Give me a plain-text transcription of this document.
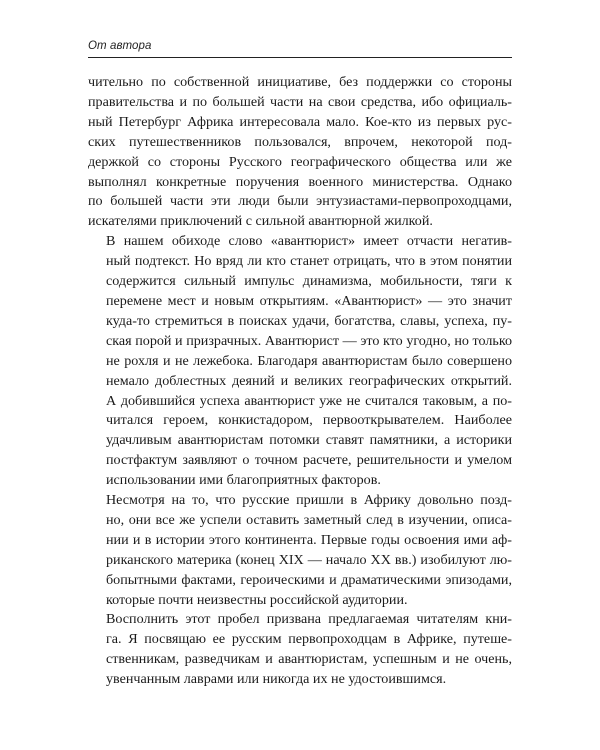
От автора

чительно по собственной инициативе, без поддержки со стороны
правительства и по большей части на свои средства, ибо официаль-
ный Петербург Африка интересовала мало. Кое-кто из первых рус-
ских путешественников пользовался, впрочем, некоторой под-
держкой со стороны Русского географического общества или же
выполнял конкретные поручения военного министерства. Однако
по большей части эти люди были энтузиастами-первопроходцами,
искателями приключений с сильной авантюрной жилкой.

В нашем обиходе слово «авантюрист» имеет отчасти негатив-
ный подтекст. Но вряд ли кто станет отрицать, что в этом понятии
содержится сильный импульс динамизма, мобильности, тяги к
перемене мест и новым открытиям. «Авантюрист» — это значит
куда-то стремиться в поисках удачи, богатства, славы, успеха, пу-
ская порой и призрачных. Авантюрист — это кто угодно, но только
не рохля и не лежебока. Благодаря авантюристам было совершено
немало доблестных деяний и великих географических открытий.
А добившийся успеха авантюрист уже не считался таковым, а по-
читался героем, конкистадором, первооткрывателем. Наиболее
удачливым авантюристам потомки ставят памятники, а историки
постфактум заявляют о точном расчете, решительности и умелом
использовании ими благоприятных факторов.

Несмотря на то, что русские пришли в Африку довольно позд-
но, они все же успели оставить заметный след в изучении, описа-
нии и в истории этого континента. Первые годы освоения ими аф-
риканского материка (конец XIX — начало XX вв.) изобилуют лю-
бопытными фактами, героическими и драматическими эпизодами,
которые почти неизвестны российской аудитории.

Восполнить этот пробел призвана предлагаемая читателям кни-
га. Я посвящаю ее русским первопроходцам в Африке, путеше-
ственникам, разведчикам и авантюристам, успешным и не очень,
увенчанным лаврами или никогда их не удостоившимся.
